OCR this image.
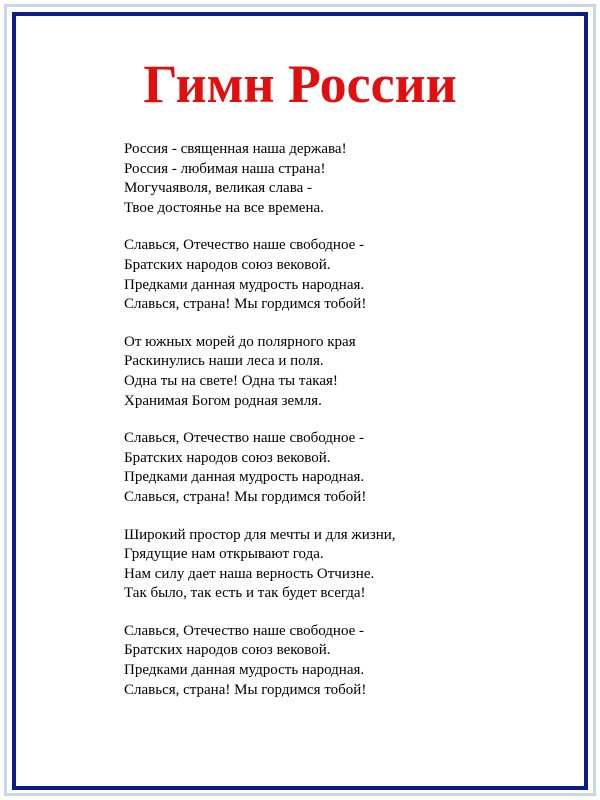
Гимн России
Россия - священная наша держава!
Россия - любимая наша страна!
Могучаяволя, великая слава -
Твое достоянье на все времена.
Славься, Отечество наше свободное -
Братских народов союз вековой.
Предками данная мудрость народная.
Славься, страна! Мы гордимся тобой!
От южных морей до полярного края
Раскинулись наши леса и поля.
Одна ты на свете! Одна ты такая!
Хранимая Богом родная земля.
Славься, Отечество наше свободное -
Братских народов союз вековой.
Предками данная мудрость народная.
Славься, страна! Мы гордимся тобой!
Широкий простор для мечты и для жизни,
Грядущие нам открывают года.
Нам силу дает наша верность Отчизне.
Так было, так есть и так будет всегда!
Славься, Отечество наше свободное -
Братских народов союз вековой.
Предками данная мудрость народная.
Славься, страна! Мы гордимся тобой!
